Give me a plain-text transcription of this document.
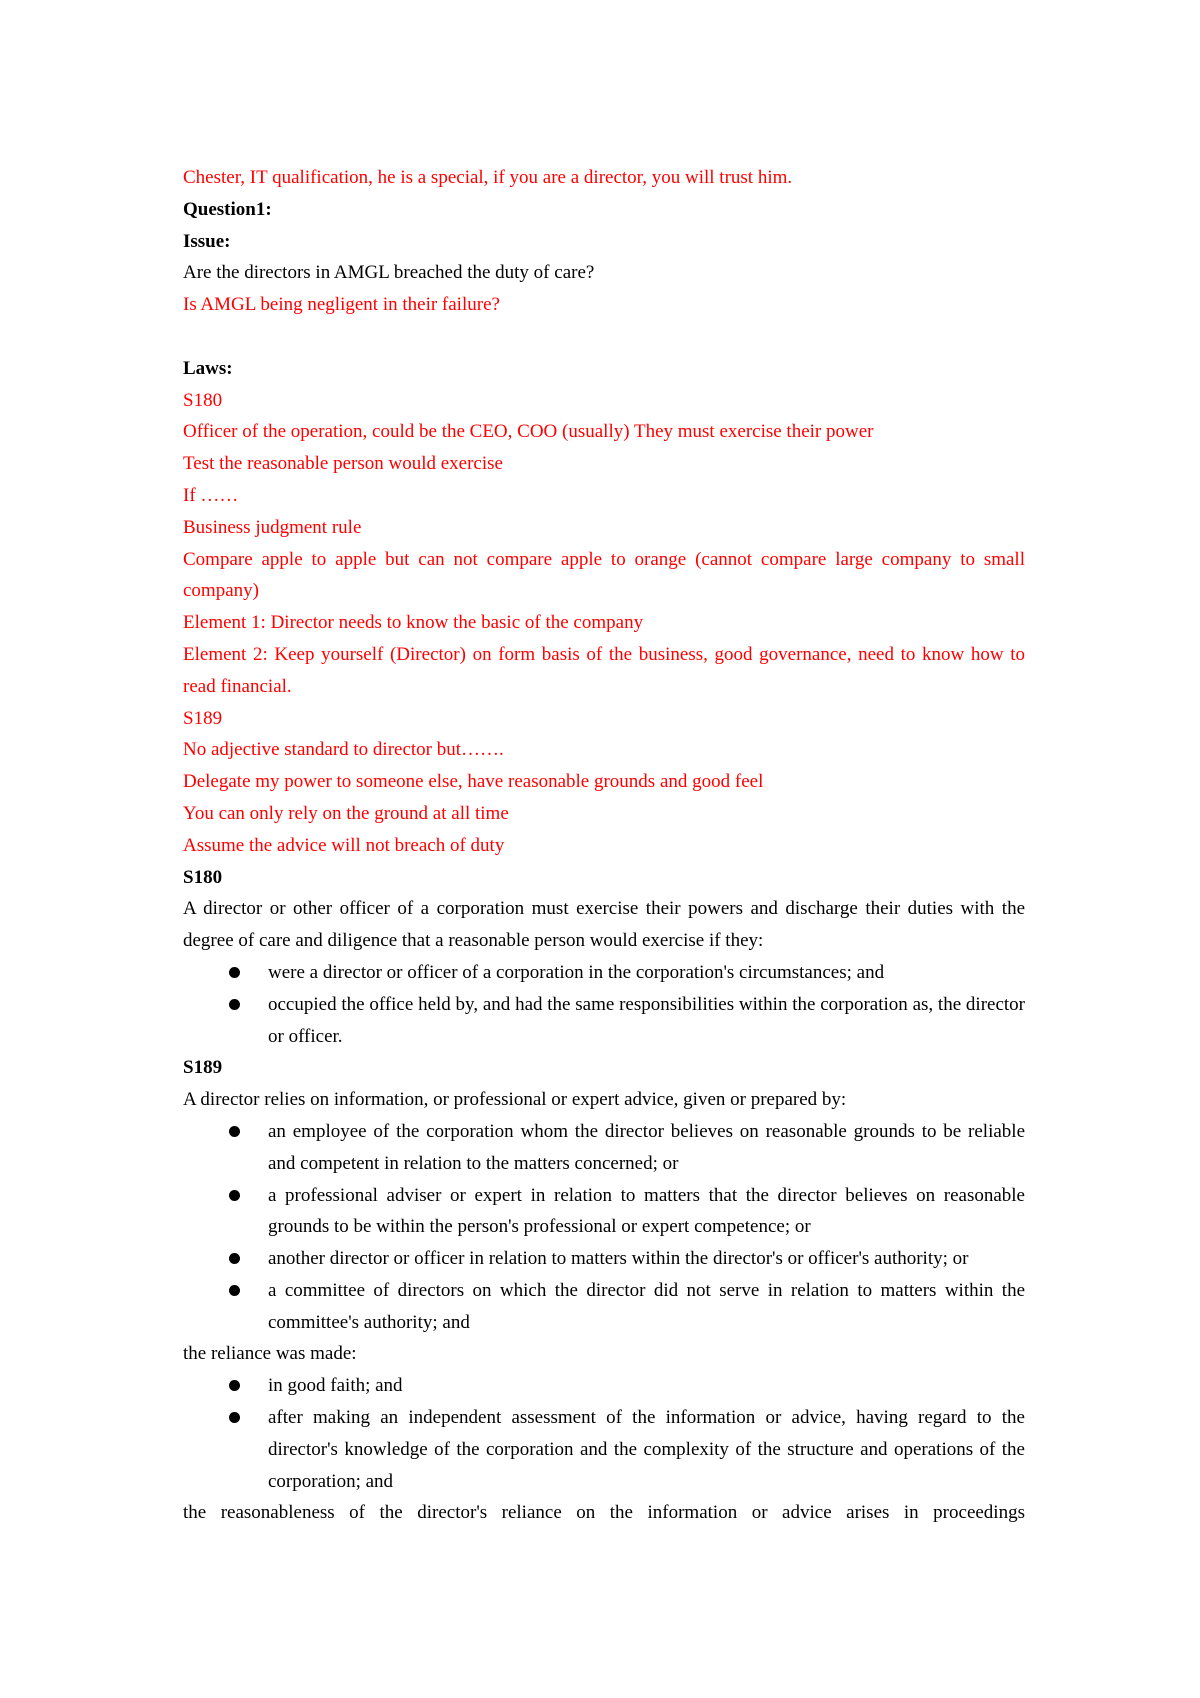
Chester, IT qualification, he is a special, if you are a director, you will trust him.

Question1:

Issue:

Are the directors in AMGL breached the duty of care?

Is AMGL being negligent in their failure?

Laws:

S180

Officer of the operation, could be the CEO, COO (usually) They must exercise their power

Test the reasonable person would exercise

If ……

Business judgment rule

Compare apple to apple but can not compare apple to orange (cannot compare large company to small company)

Element 1: Director needs to know the basic of the company

Element 2: Keep yourself (Director) on form basis of the business, good governance, need to know how to read financial.

S189

No adjective standard to director but…….

Delegate my power to someone else, have reasonable grounds and good feel

You can only rely on the ground at all time

Assume the advice will not breach of duty

S180

A director or other officer of a corporation must exercise their powers and discharge their duties with the degree of care and diligence that a reasonable person would exercise if they:

were a director or officer of a corporation in the corporation's circumstances; and
occupied the office held by, and had the same responsibilities within the corporation as, the director or officer.

S189

A director relies on information, or professional or expert advice, given or prepared by:

an employee of the corporation whom the director believes on reasonable grounds to be reliable and competent in relation to the matters concerned; or
a professional adviser or expert in relation to matters that the director believes on reasonable grounds to be within the person's professional or expert competence; or
another director or officer in relation to matters within the director's or officer's authority; or
a committee of directors on which the director did not serve in relation to matters within the committee's authority; and

the reliance was made:

in good faith; and
after making an independent assessment of the information or advice, having regard to the director's knowledge of the corporation and the complexity of the structure and operations of the corporation; and

the reasonableness of the director's reliance on the information or advice arises in proceedings
